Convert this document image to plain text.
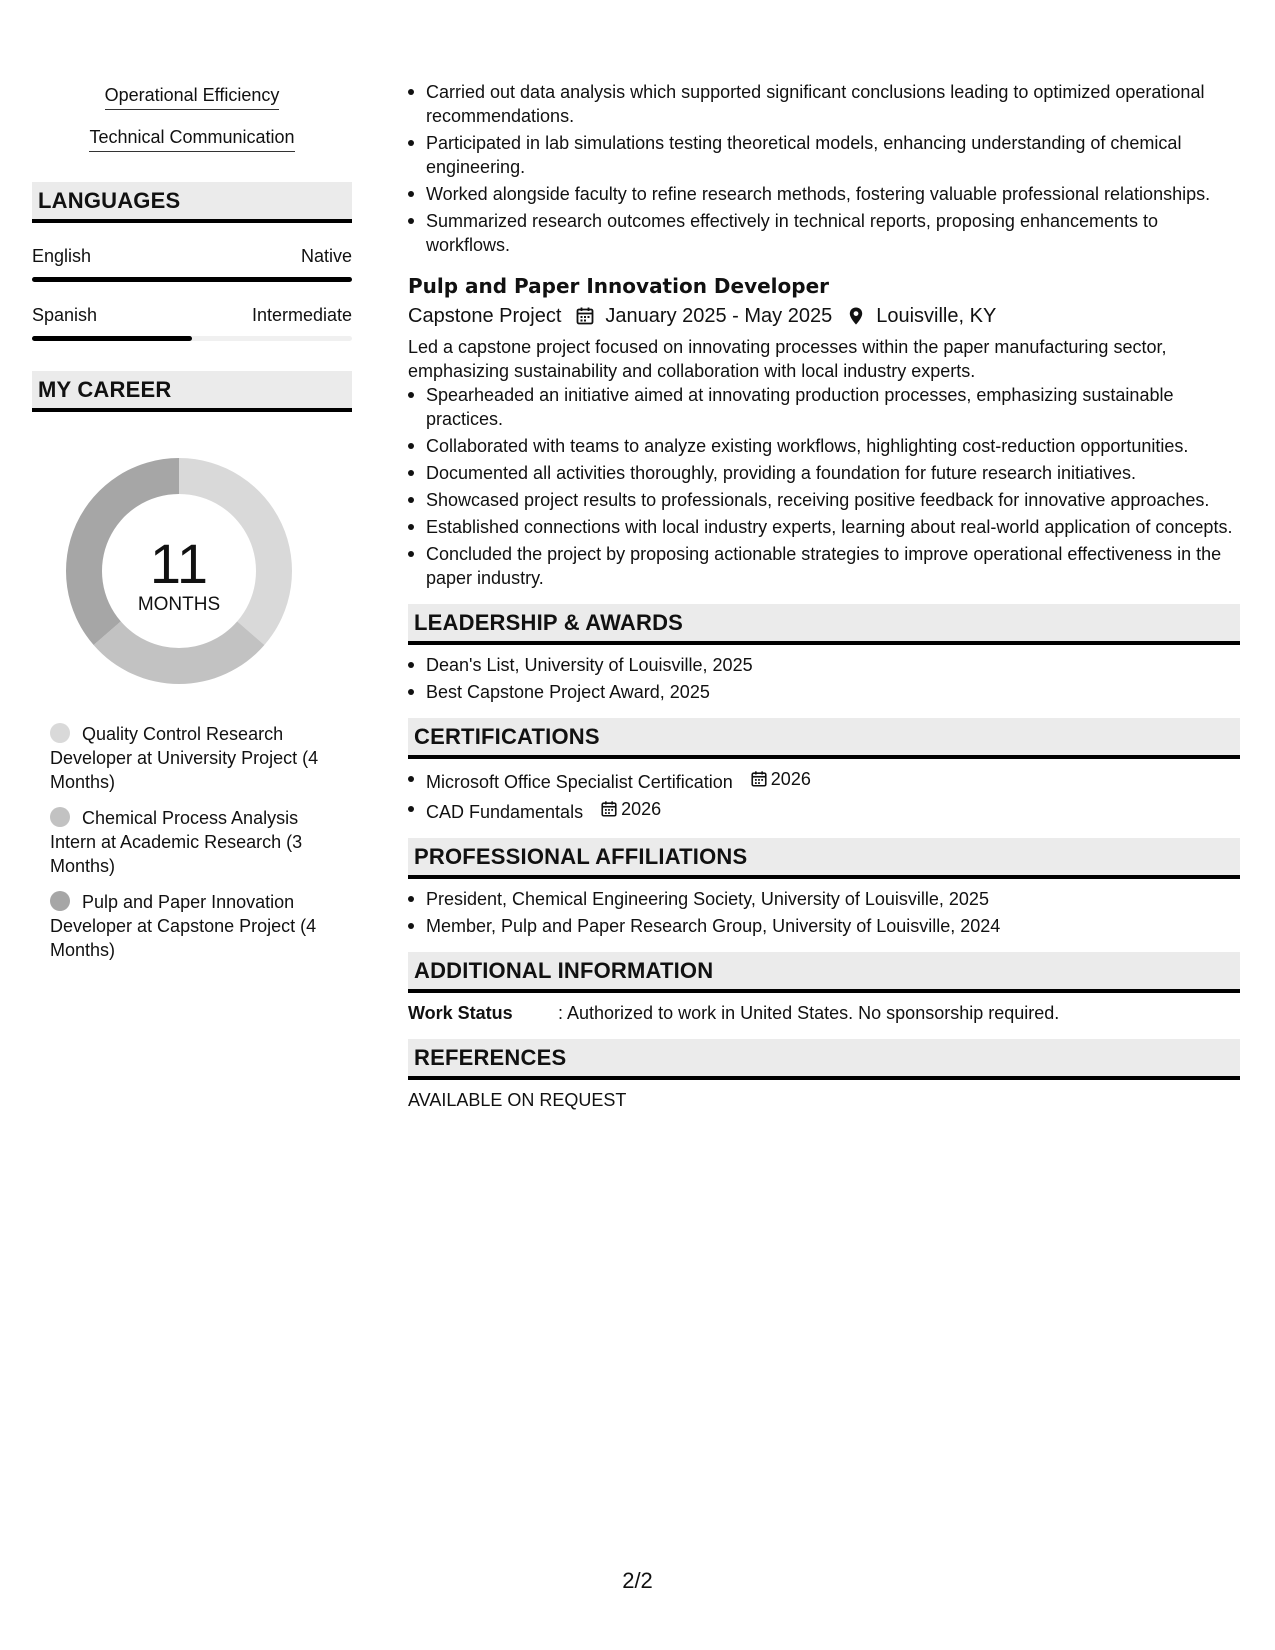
Operational Efficiency
Technical Communication
LANGUAGES
English	Native
Spanish	Intermediate
MY CAREER
11
MONTHS
Quality Control Research Developer at University Project (4 Months)
Chemical Process Analysis Intern at Academic Research (3 Months)
Pulp and Paper Innovation Developer at Capstone Project (4 Months)
Carried out data analysis which supported significant conclusions leading to optimized operational recommendations.
Participated in lab simulations testing theoretical models, enhancing understanding of chemical engineering.
Worked alongside faculty to refine research methods, fostering valuable professional relationships.
Summarized research outcomes effectively in technical reports, proposing enhancements to workflows.
Pulp and Paper Innovation Developer
Capstone Project January 2025 - May 2025 Louisville, KY
Led a capstone project focused on innovating processes within the paper manufacturing sector, emphasizing sustainability and collaboration with local industry experts.
Spearheaded an initiative aimed at innovating production processes, emphasizing sustainable practices.
Collaborated with teams to analyze existing workflows, highlighting cost-reduction opportunities.
Documented all activities thoroughly, providing a foundation for future research initiatives.
Showcased project results to professionals, receiving positive feedback for innovative approaches.
Established connections with local industry experts, learning about real-world application of concepts.
Concluded the project by proposing actionable strategies to improve operational effectiveness in the paper industry.
LEADERSHIP & AWARDS
Dean's List, University of Louisville, 2025
Best Capstone Project Award, 2025
CERTIFICATIONS
Microsoft Office Specialist Certification 2026
CAD Fundamentals 2026
PROFESSIONAL AFFILIATIONS
President, Chemical Engineering Society, University of Louisville, 2025
Member, Pulp and Paper Research Group, University of Louisville, 2024
ADDITIONAL INFORMATION
Work Status	: Authorized to work in United States. No sponsorship required.
REFERENCES
AVAILABLE ON REQUEST
2/2
